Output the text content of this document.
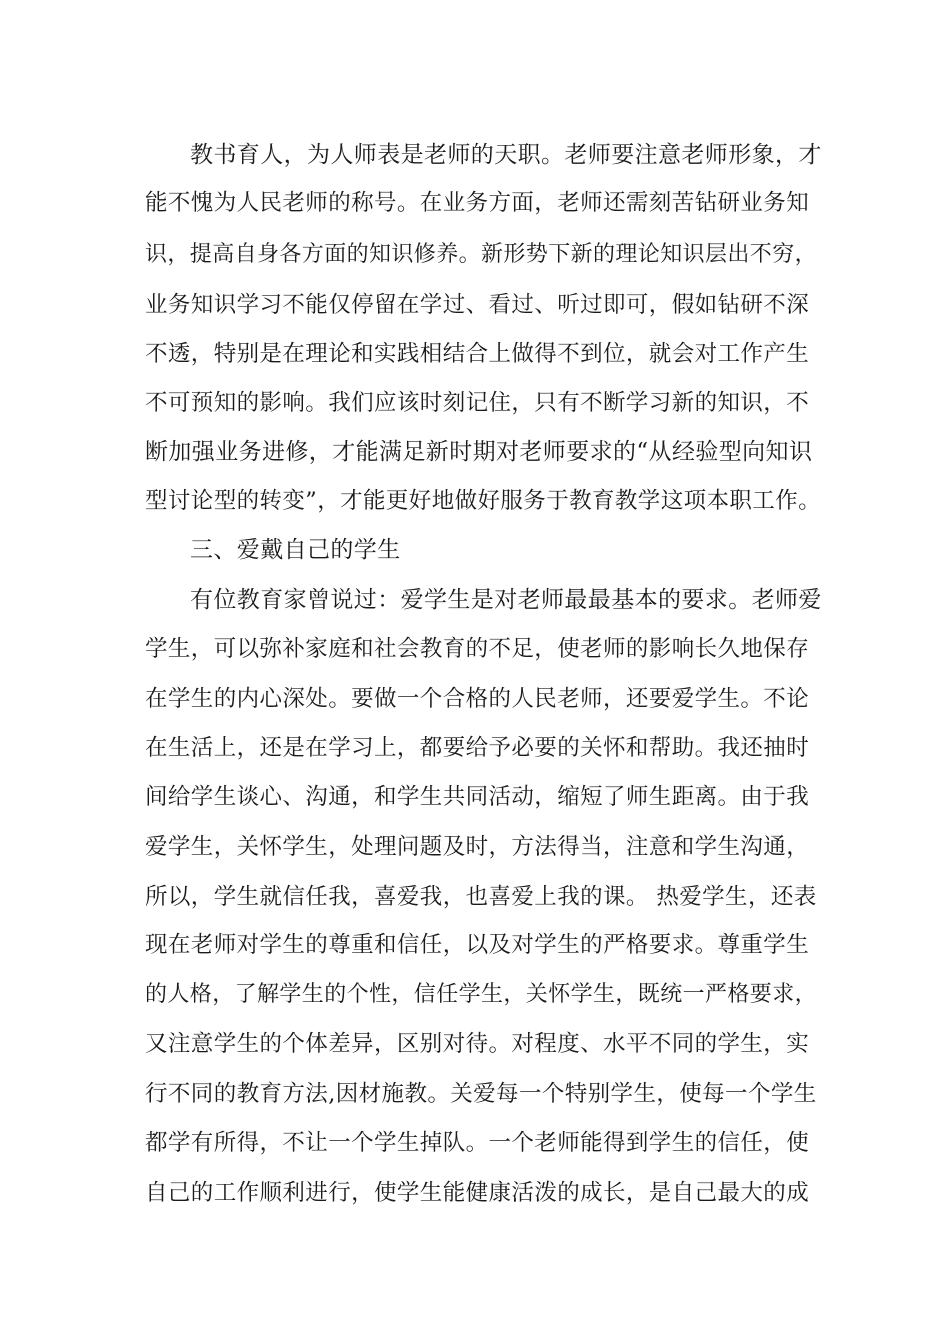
教书育人，为人师表是老师的天职。老师要注意老师形象，才
能不愧为人民老师的称号。在业务方面，老师还需刻苦钻研业务知
识，提高自身各方面的知识修养。新形势下新的理论知识层出不穷，
业务知识学习不能仅停留在学过、看过、听过即可，假如钻研不深
不透，特别是在理论和实践相结合上做得不到位，就会对工作产生
不可预知的影响。我们应该时刻记住，只有不断学习新的知识，不
断加强业务进修，才能满足新时期对老师要求的“从经验型向知识
型讨论型的转变”，才能更好地做好服务于教育教学这项本职工作。
三、爱戴自己的学生
有位教育家曾说过：爱学生是对老师最最基本的要求。老师爱
学生，可以弥补家庭和社会教育的不足，使老师的影响长久地保存
在学生的内心深处。要做一个合格的人民老师，还要爱学生。不论
在生活上，还是在学习上，都要给予必要的关怀和帮助。我还抽时
间给学生谈心、沟通，和学生共同活动，缩短了师生距离。由于我
爱学生，关怀学生，处理问题及时，方法得当，注意和学生沟通，
所以，学生就信任我，喜爱我，也喜爱上我的课。 热爱学生，还表
现在老师对学生的尊重和信任，以及对学生的严格要求。尊重学生
的人格，了解学生的个性，信任学生，关怀学生，既统一严格要求，
又注意学生的个体差异，区别对待。对程度、水平不同的学生，实
行不同的教育方法,因材施教。关爱每一个特别学生，使每一个学生
都学有所得，不让一个学生掉队。一个老师能得到学生的信任，使
自己的工作顺利进行，使学生能健康活泼的成长，是自己最大的成
